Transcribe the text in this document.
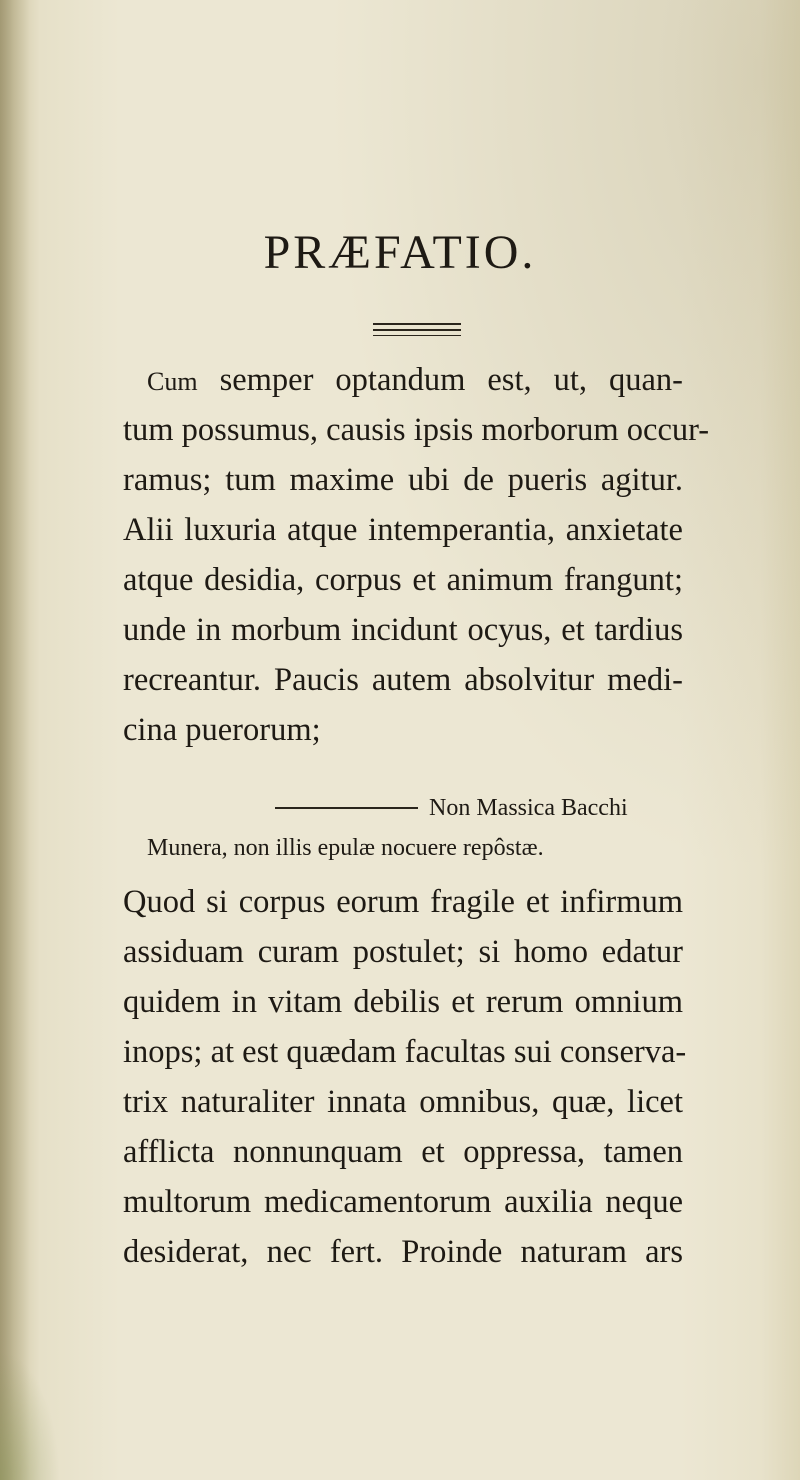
PRÆFATIO.
Cum semper optandum est, ut, quan-
tum possumus, causis ipsis morborum occur-
ramus; tum maxime ubi de pueris agitur.
Alii luxuria atque intemperantia, anxietate
atque desidia, corpus et animum frangunt;
unde in morbum incidunt ocyus, et tardius
recreantur. Paucis autem absolvitur medi-
cina puerorum;
Non Massica Bacchi
Munera, non illis epulæ nocuere repôstæ.
Quod si corpus eorum fragile et infirmum
assiduam curam postulet; si homo edatur
quidem in vitam debilis et rerum omnium
inops; at est quædam facultas sui conserva-
trix naturaliter innata omnibus, quæ, licet
afflicta nonnunquam et oppressa, tamen
multorum medicamentorum auxilia neque
desiderat, nec fert. Proinde naturam ars
